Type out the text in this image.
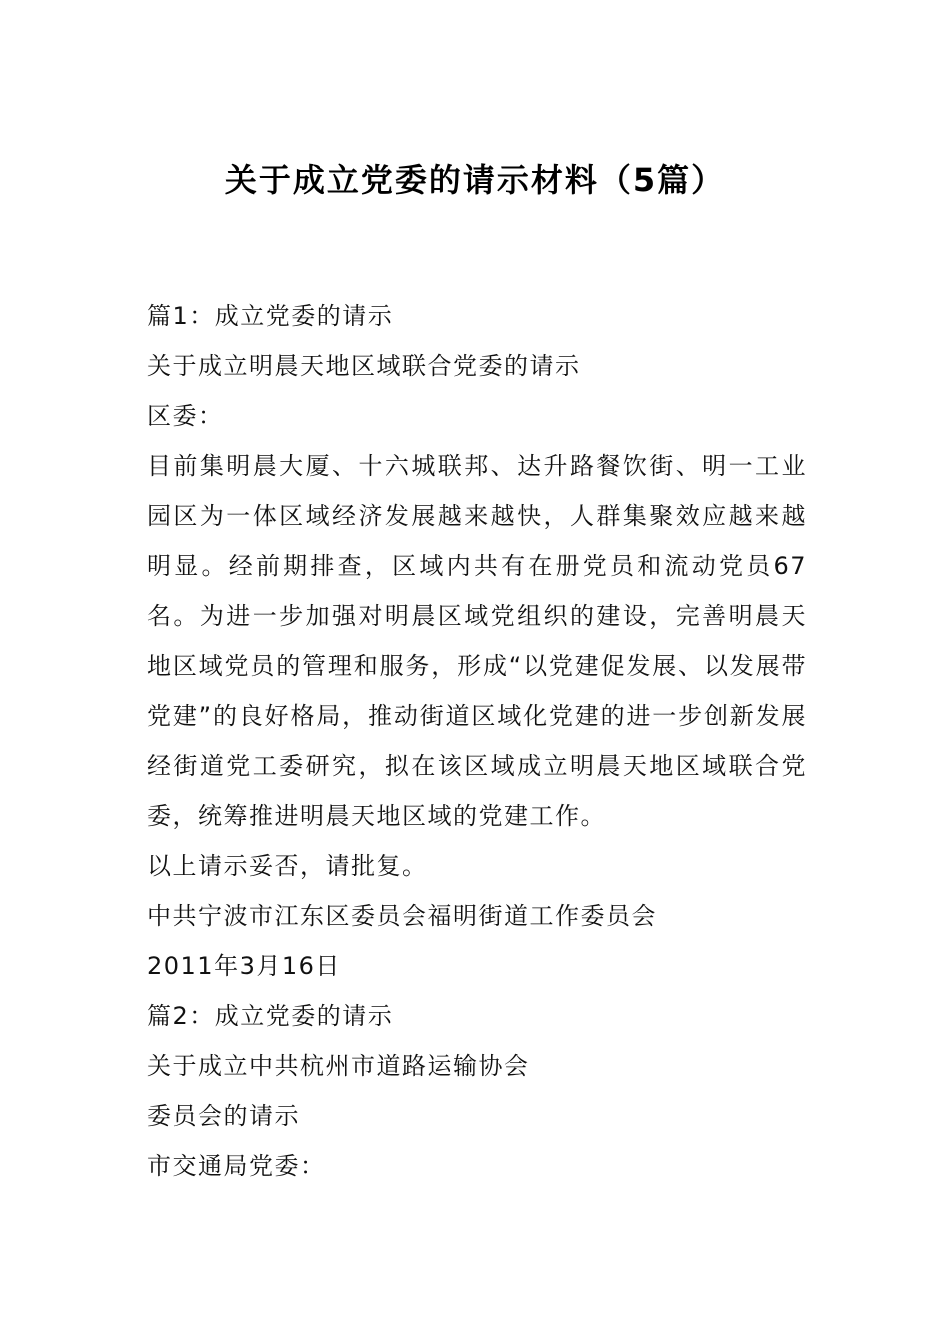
关于成立党委的请示材料（5篇）

篇1：成立党委的请示

关于成立明晨天地区域联合党委的请示

区委：

目前集明晨大厦、十六城联邦、达升路餐饮街、明一工业园区为一体区域经济发展越来越快，人群集聚效应越来越明显。经前期排查，区域内共有在册党员和流动党员67名。为进一步加强对明晨区域党组织的建设，完善明晨天地区域党员的管理和服务，形成“以党建促发展、以发展带党建”的良好格局，推动街道区域化党建的进一步创新发展经街道党工委研究，拟在该区域成立明晨天地区域联合党委，统筹推进明晨天地区域的党建工作。

以上请示妥否，请批复。

中共宁波市江东区委员会福明街道工作委员会

2011年3月16日

篇2：成立党委的请示

关于成立中共杭州市道路运输协会

委员会的请示

市交通局党委：
